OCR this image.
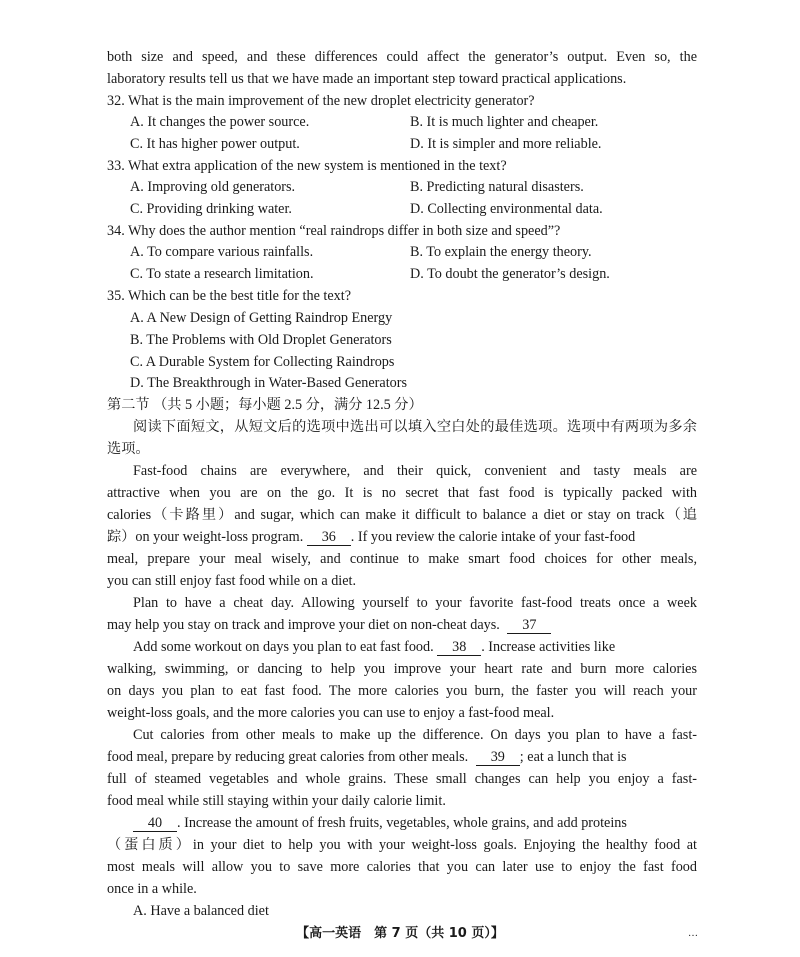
both size and speed, and these differences could affect the generator’s output. Even so, the
laboratory results tell us that we have made an important step toward practical applications.
32. What is the main improvement of the new droplet electricity generator?
A. It changes the power source.	B. It is much lighter and cheaper.
C. It has higher power output.	D. It is simpler and more reliable.
33. What extra application of the new system is mentioned in the text?
A. Improving old generators.	B. Predicting natural disasters.
C. Providing drinking water.	D. Collecting environmental data.
34. Why does the author mention “real raindrops differ in both size and speed”?
A. To compare various rainfalls.	B. To explain the energy theory.
C. To state a research limitation.	D. To doubt the generator’s design.
35. Which can be the best title for the text?
A. A New Design of Getting Raindrop Energy
B. The Problems with Old Droplet Generators
C. A Durable System for Collecting Raindrops
D. The Breakthrough in Water-Based Generators
第二节 （共 5 小题；每小题 2.5 分，满分 12.5 分）
阅读下面短文，从短文后的选项中选出可以填入空白处的最佳选项。选项中有两项为多余
选项。
Fast-food chains are everywhere, and their quick, convenient and tasty meals are
attractive when you are on the go. It is no secret that fast food is typically packed with
calories（卡路里）and sugar, which can make it difficult to balance a diet or stay on track（追
踪）on your weight-loss program. 36 . If you review the calorie intake of your fast-food
meal, prepare your meal wisely, and continue to make smart food choices for other meals,
you can still enjoy fast food while on a diet.
Plan to have a cheat day. Allowing yourself to your favorite fast-food treats once a week
may help you stay on track and improve your diet on non-cheat days. 37
Add some workout on days you plan to eat fast food. 38 . Increase activities like
walking, swimming, or dancing to help you improve your heart rate and burn more calories
on days you plan to eat fast food. The more calories you burn, the faster you will reach your
weight-loss goals, and the more calories you can use to enjoy a fast-food meal.
Cut calories from other meals to make up the difference. On days you plan to have a fast-
food meal, prepare by reducing great calories from other meals. 39 ; eat a lunch that is
full of steamed vegetables and whole grains. These small changes can help you enjoy a fast-
food meal while still staying within your daily calorie limit.
40 . Increase the amount of fresh fruits, vegetables, whole grains, and add proteins
（蛋白质）in your diet to help you with your weight-loss goals. Enjoying the healthy food at
most meals will allow you to save more calories that you can later use to enjoy the fast food
once in a while.
A. Have a balanced diet
【高一英语　第 7 页（共 10 页）】	…
